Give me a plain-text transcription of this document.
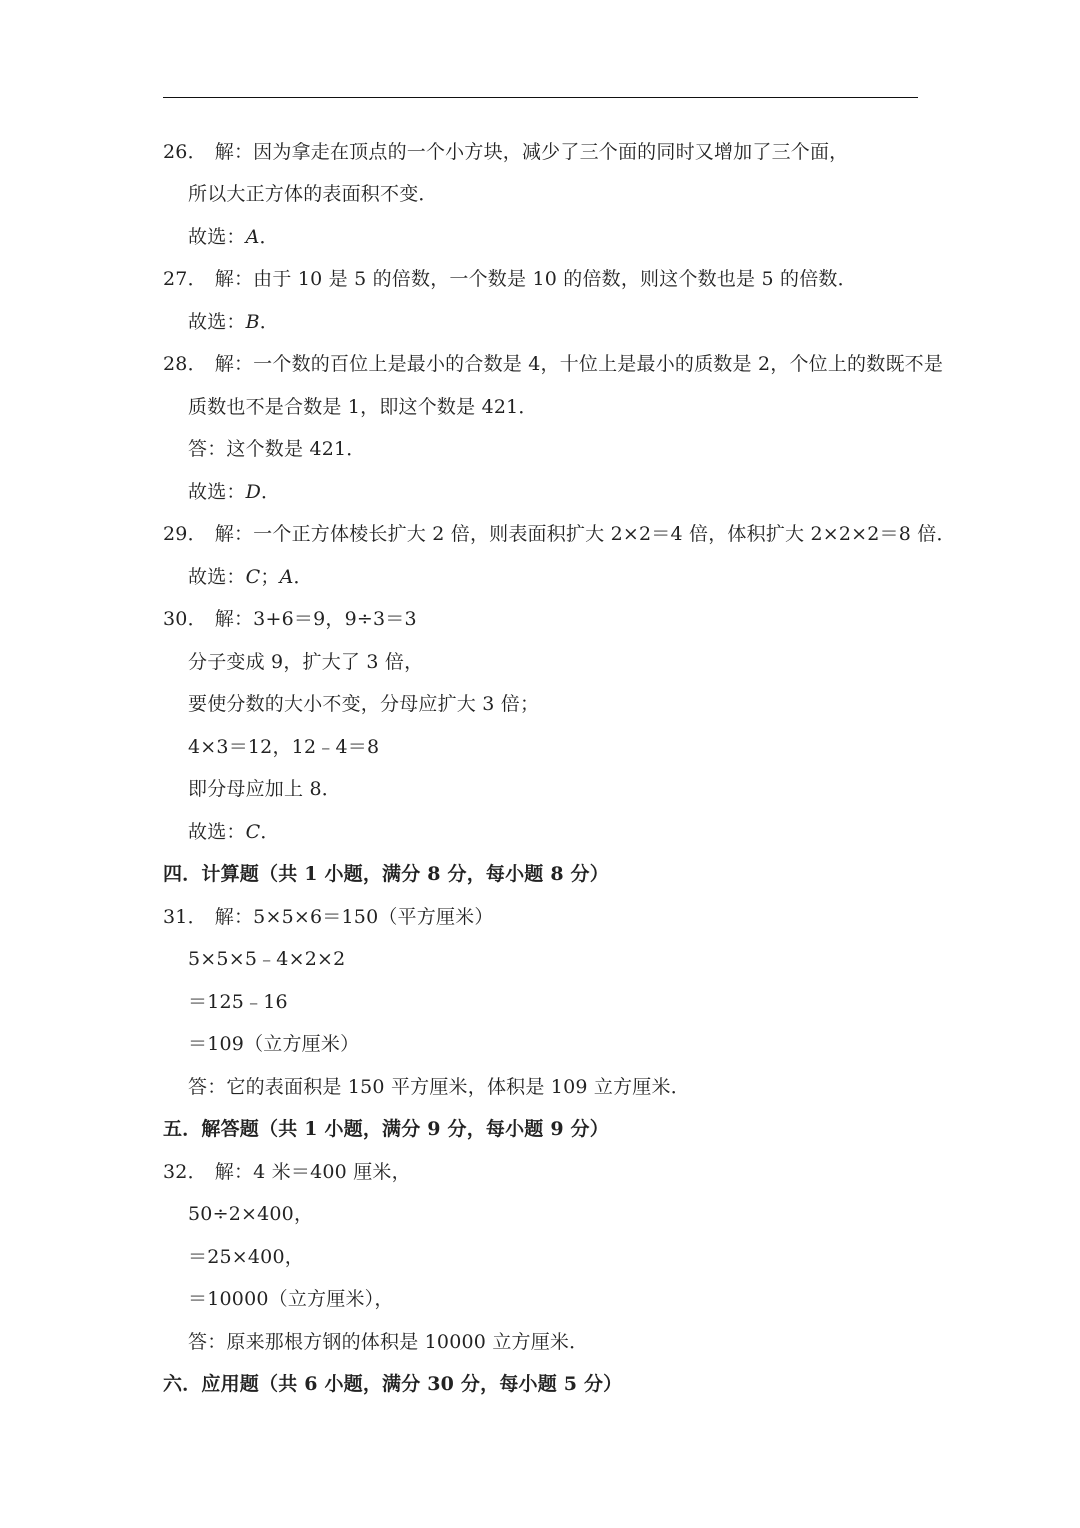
26． 解：因为拿走在顶点的一个小方块，减少了三个面的同时又增加了三个面，
所以大正方体的表面积不变．
故选：A．
27． 解：由于 10 是 5 的倍数，一个数是 10 的倍数，则这个数也是 5 的倍数．
故选：B．
28． 解：一个数的百位上是最小的合数是 4，十位上是最小的质数是 2，个位上的数既不是
质数也不是合数是 1，即这个数是 421．
答：这个数是 421．
故选：D．
29． 解：一个正方体棱长扩大 2 倍，则表面积扩大 2×2＝4 倍，体积扩大 2×2×2＝8 倍．
故选：C；A．
30． 解：3+6＝9，9÷3＝3
分子变成 9，扩大了 3 倍，
要使分数的大小不变，分母应扩大 3 倍；
4×3＝12，12﹣4＝8
即分母应加上 8．
故选：C．
四．计算题（共 1 小题，满分 8 分，每小题 8 分）
31． 解：5×5×6＝150（平方厘米）
5×5×5﹣4×2×2
＝125﹣16
＝109（立方厘米）
答：它的表面积是 150 平方厘米，体积是 109 立方厘米．
五．解答题（共 1 小题，满分 9 分，每小题 9 分）
32． 解：4 米＝400 厘米，
50÷2×400，
＝25×400，
＝10000（立方厘米），
答：原来那根方钢的体积是 10000 立方厘米．
六．应用题（共 6 小题，满分 30 分，每小题 5 分）
